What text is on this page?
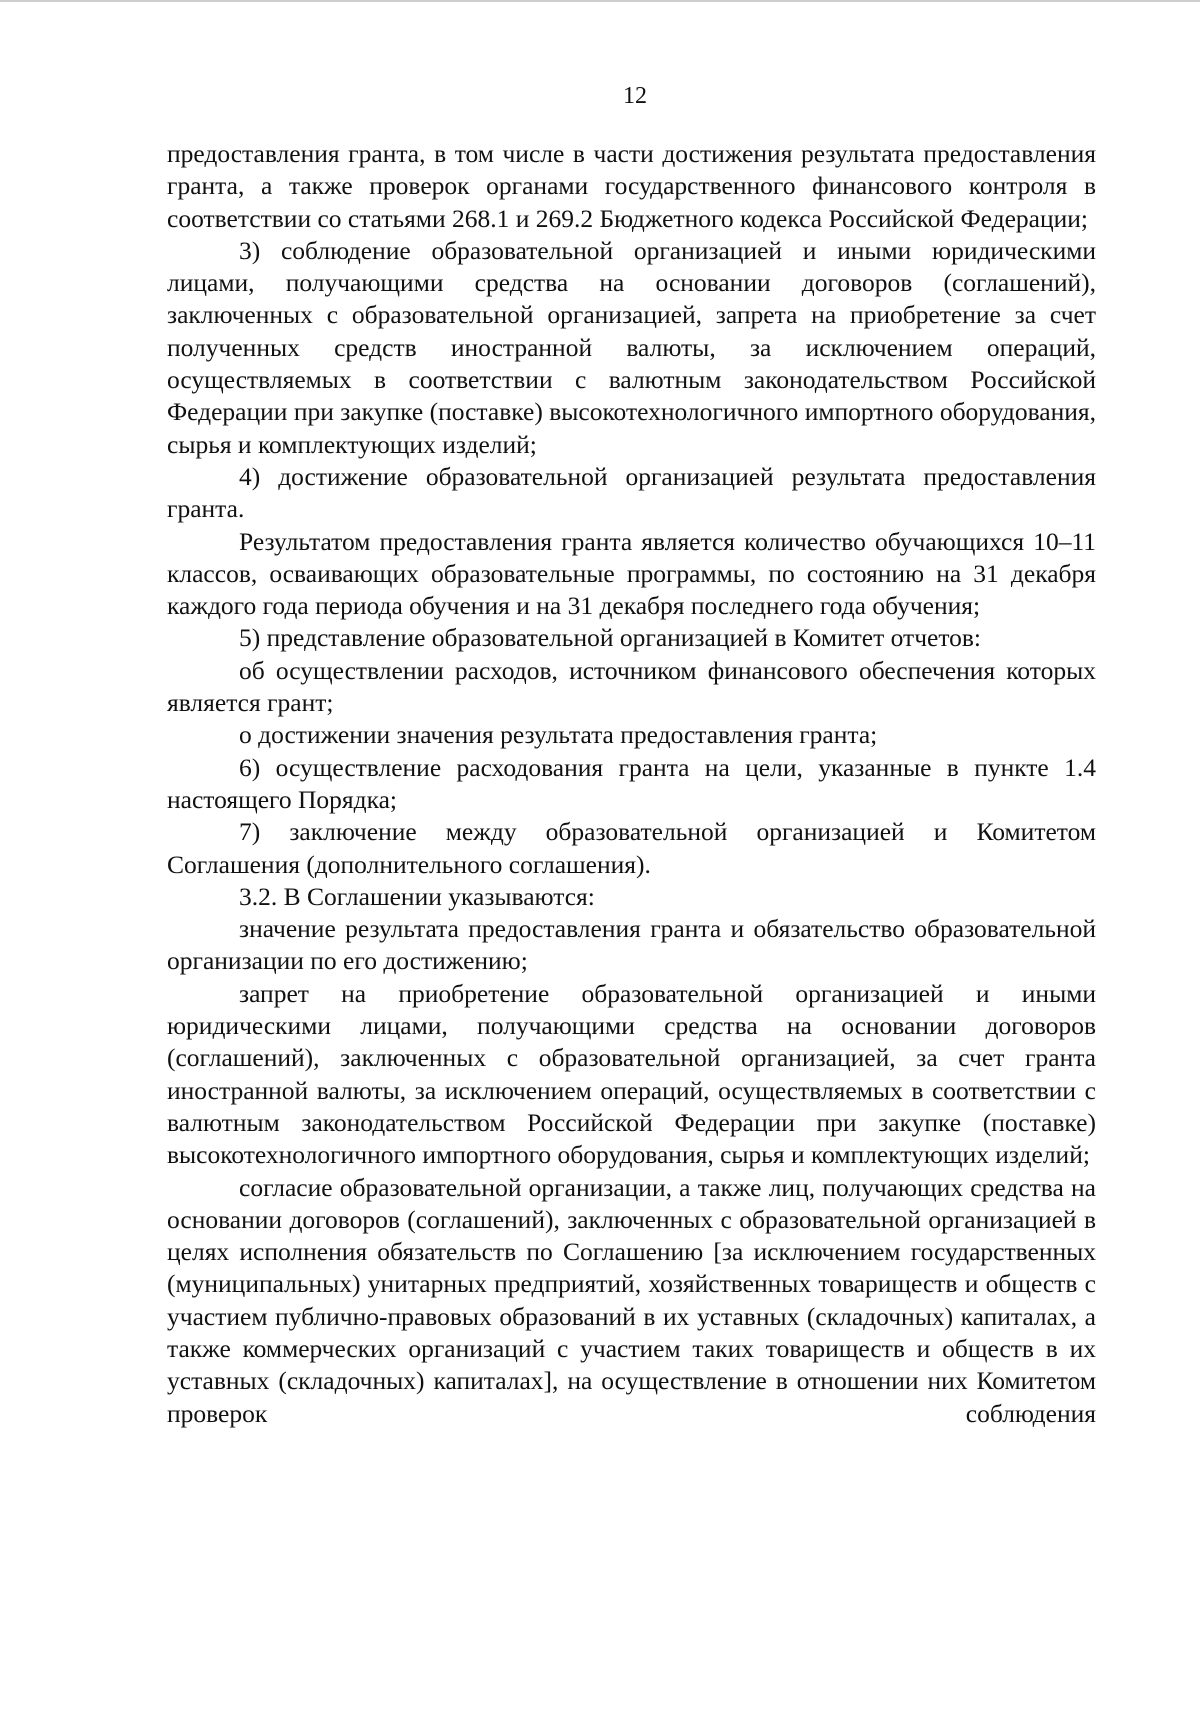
12

предоставления гранта, в том числе в части достижения результата предоставления гранта, а также проверок органами государственного финансового контроля в соответствии со статьями 268.1 и 269.2 Бюджетного кодекса Российской Федерации;

3) соблюдение образовательной организацией и иными юридическими лицами, получающими средства на основании договоров (соглашений), заключенных с образовательной организацией, запрета на приобретение за счет полученных средств иностранной валюты, за исключением операций, осуществляемых в соответствии с валютным законодательством Российской Федерации при закупке (поставке) высокотехнологичного импортного оборудования, сырья и комплектующих изделий;

4) достижение образовательной организацией результата предоставления гранта.

Результатом предоставления гранта является количество обучающихся 10–11 классов, осваивающих образовательные программы, по состоянию на 31 декабря каждого года периода обучения и на 31 декабря последнего года обучения;

5) представление образовательной организацией в Комитет отчетов:

об осуществлении расходов, источником финансового обеспечения которых является грант;

о достижении значения результата предоставления гранта;

6) осуществление расходования гранта на цели, указанные в пункте 1.4 настоящего Порядка;

7) заключение между образовательной организацией и Комитетом Соглашения (дополнительного соглашения).

3.2. В Соглашении указываются:

значение результата предоставления гранта и обязательство образовательной организации по его достижению;

запрет на приобретение образовательной организацией и иными юридическими лицами, получающими средства на основании договоров (соглашений), заключенных с образовательной организацией, за счет гранта иностранной валюты, за исключением операций, осуществляемых в соответствии с валютным законодательством Российской Федерации при закупке (поставке) высокотехнологичного импортного оборудования, сырья и комплектующих изделий;

согласие образовательной организации, а также лиц, получающих средства на основании договоров (соглашений), заключенных с образовательной организацией в целях исполнения обязательств по Соглашению [за исключением государственных (муниципальных) унитарных предприятий, хозяйственных товариществ и обществ с участием публично-правовых образований в их уставных (складочных) капиталах, а также коммерческих организаций с участием таких товариществ и обществ в их уставных (складочных) капиталах], на осуществление в отношении них Комитетом проверок соблюдения
